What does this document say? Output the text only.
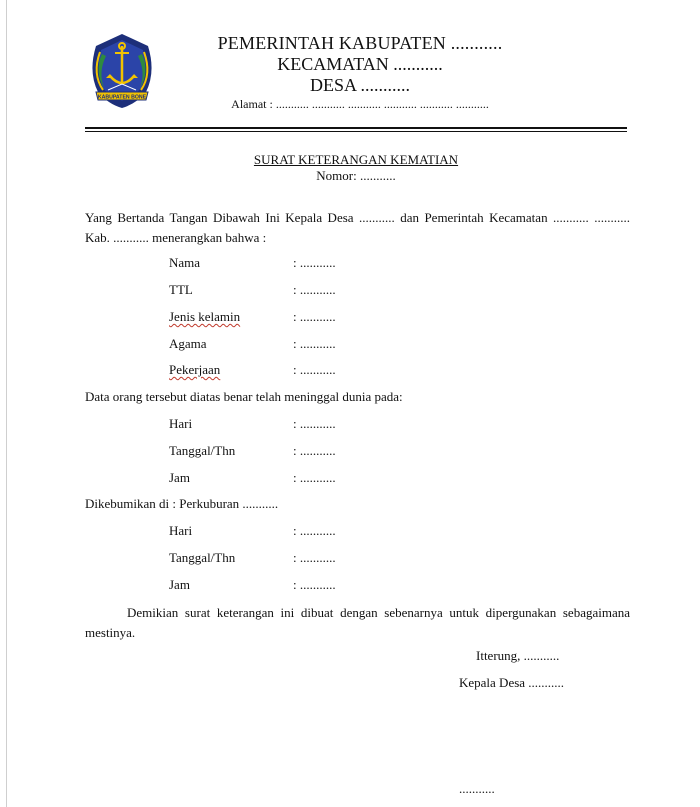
KABUPATEN BONE
PEMERINTAH KABUPATEN ...........
KECAMATAN ...........
DESA ...........
Alamat : ........... ........... ........... ........... ........... ...........
SURAT KETERANGAN KEMATIAN
Nomor: ...........
Yang Bertanda Tangan Dibawah Ini Kepala Desa ........... dan Pemerintah Kecamatan ........... ........... Kab. ........... menerangkan bahwa :
Nama	: ...........
TTL	: ...........
Jenis kelamin	: ...........
Agama	: ...........
Pekerjaan	: ...........
Data orang tersebut diatas benar telah meninggal dunia pada:
Hari	: ...........
Tanggal/Thn	: ...........
Jam	: ...........
Dikebumikan di : Perkuburan ...........
Hari	: ...........
Tanggal/Thn	: ...........
Jam	: ...........
Demikian surat keterangan ini dibuat dengan sebenarnya untuk dipergunakan sebagaimana mestinya.
Itterung, ...........
Kepala Desa ...........
...........
